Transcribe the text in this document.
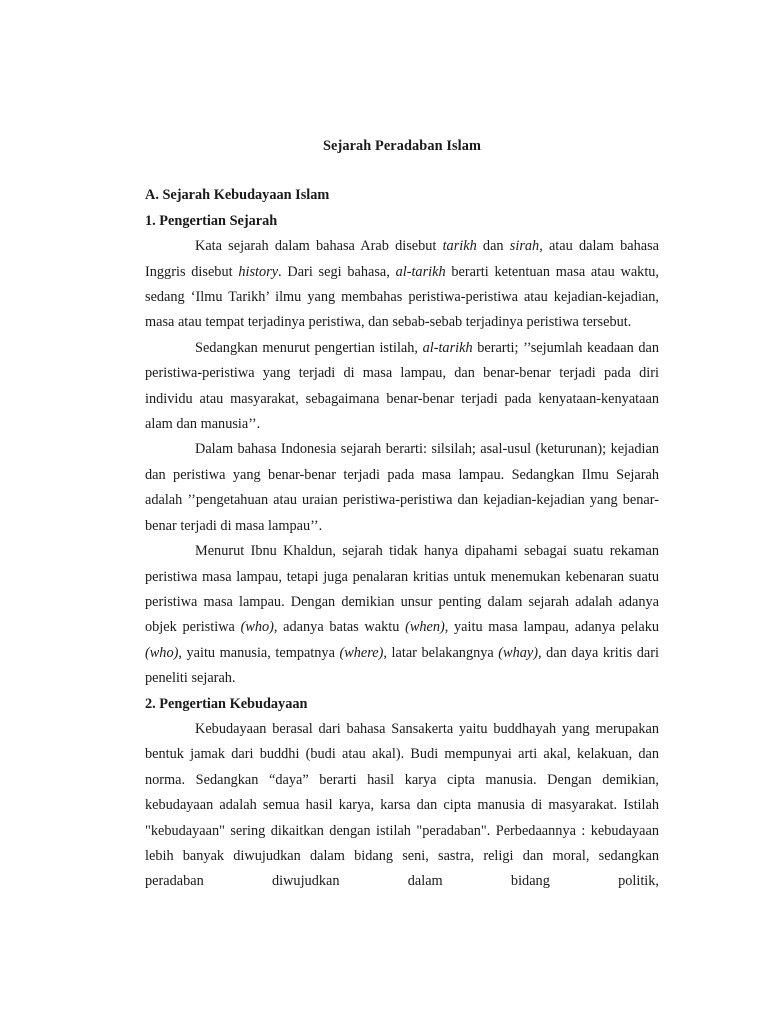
Sejarah Peradaban Islam

A. Sejarah Kebudayaan Islam

1. Pengertian Sejarah

Kata sejarah dalam bahasa Arab disebut tarikh dan sirah, atau dalam bahasa Inggris disebut history. Dari segi bahasa, al-tarikh berarti ketentuan masa atau waktu, sedang ‘Ilmu Tarikh’ ilmu yang membahas peristiwa-peristiwa atau kejadian-kejadian, masa atau tempat terjadinya peristiwa, dan sebab-sebab terjadinya peristiwa tersebut.

Sedangkan menurut pengertian istilah, al-tarikh berarti; ’’sejumlah keadaan dan peristiwa-peristiwa yang terjadi di masa lampau, dan benar-benar terjadi pada diri individu atau masyarakat, sebagaimana benar-benar terjadi pada kenyataan-kenyataan alam dan manusia’’.

Dalam bahasa Indonesia sejarah berarti: silsilah; asal-usul (keturunan); kejadian dan peristiwa yang benar-benar terjadi pada masa lampau. Sedangkan Ilmu Sejarah adalah ’’pengetahuan atau uraian peristiwa-peristiwa dan kejadian-kejadian yang benar-benar terjadi di masa lampau’’.

Menurut Ibnu Khaldun, sejarah tidak hanya dipahami sebagai suatu rekaman peristiwa masa lampau, tetapi juga penalaran kritias untuk menemukan kebenaran suatu peristiwa masa lampau. Dengan demikian unsur penting dalam sejarah adalah adanya objek peristiwa (who), adanya batas waktu (when), yaitu masa lampau, adanya pelaku (who), yaitu manusia, tempatnya (where), latar belakangnya (whay), dan daya kritis dari peneliti sejarah.

2. Pengertian Kebudayaan

Kebudayaan berasal dari bahasa Sansakerta yaitu buddhayah yang merupakan bentuk jamak dari buddhi (budi atau akal). Budi mempunyai arti akal, kelakuan, dan norma. Sedangkan “daya” berarti hasil karya cipta manusia. Dengan demikian, kebudayaan adalah semua hasil karya, karsa dan cipta manusia di masyarakat. Istilah "kebudayaan" sering dikaitkan dengan istilah "peradaban". Perbedaannya : kebudayaan lebih banyak diwujudkan dalam bidang seni, sastra, religi dan moral, sedangkan peradaban diwujudkan dalam bidang politik,
